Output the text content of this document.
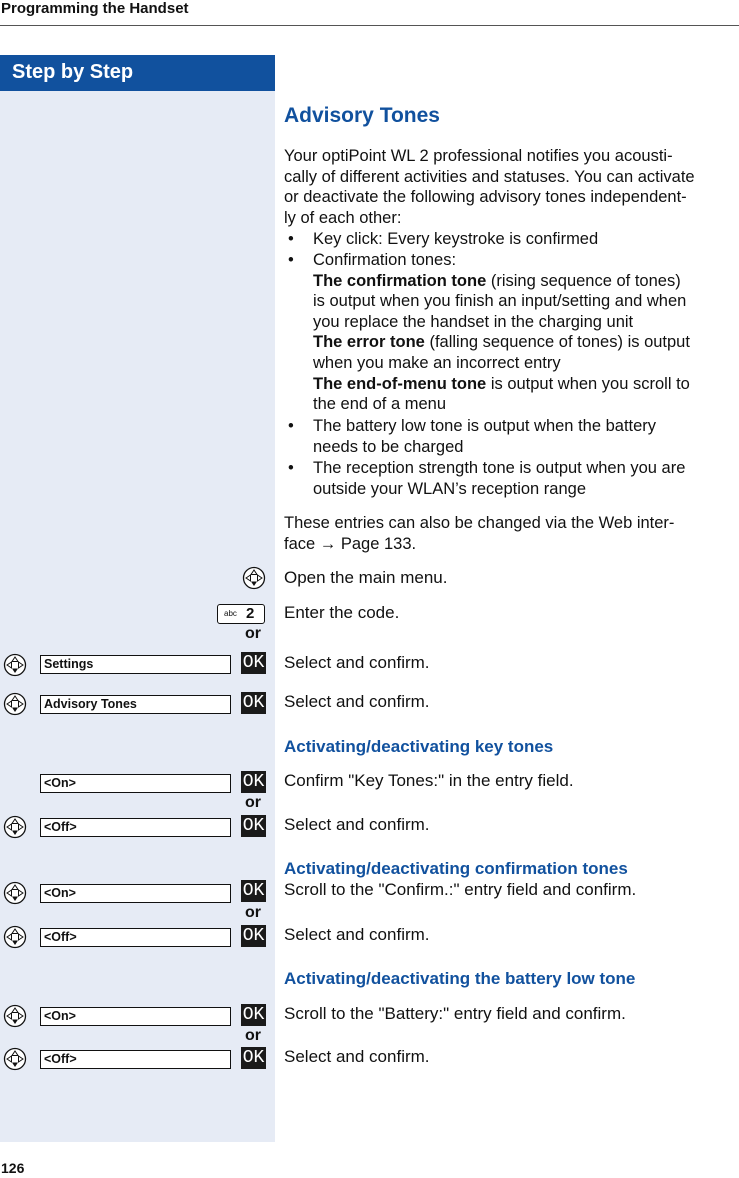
Programming the Handset
Step by Step
Advisory Tones
Your optiPoint WL 2 professional notifies you acousti-
cally of different activities and statuses. You can activate
or deactivate the following advisory tones independent-
ly of each other:
• Key click: Every keystroke is confirmed
• Confirmation tones:
The confirmation tone (rising sequence of tones)
is output when you finish an input/setting and when
you replace the handset in the charging unit
The error tone (falling sequence of tones) is output
when you make an incorrect entry
The end-of-menu tone is output when you scroll to
the end of a menu
• The battery low tone is output when the battery
needs to be charged
• The reception strength tone is output when you are
outside your WLAN’s reception range
These entries can also be changed via the Web inter-
face → Page 133.
Open the main menu.
abc 2 Enter the code.
or
Settings	OK Select and confirm.
Advisory Tones	OK Select and confirm.
Activating/deactivating key tones
<On>	OK Confirm "Key Tones:" in the entry field.
or
<Off>	OK Select and confirm.
Activating/deactivating confirmation tones
<On>	OK Scroll to the "Confirm.:" entry field and confirm.
or
<Off>	OK Select and confirm.
Activating/deactivating the battery low tone
<On>	OK Scroll to the "Battery:" entry field and confirm.
or
<Off>	OK Select and confirm.
126
